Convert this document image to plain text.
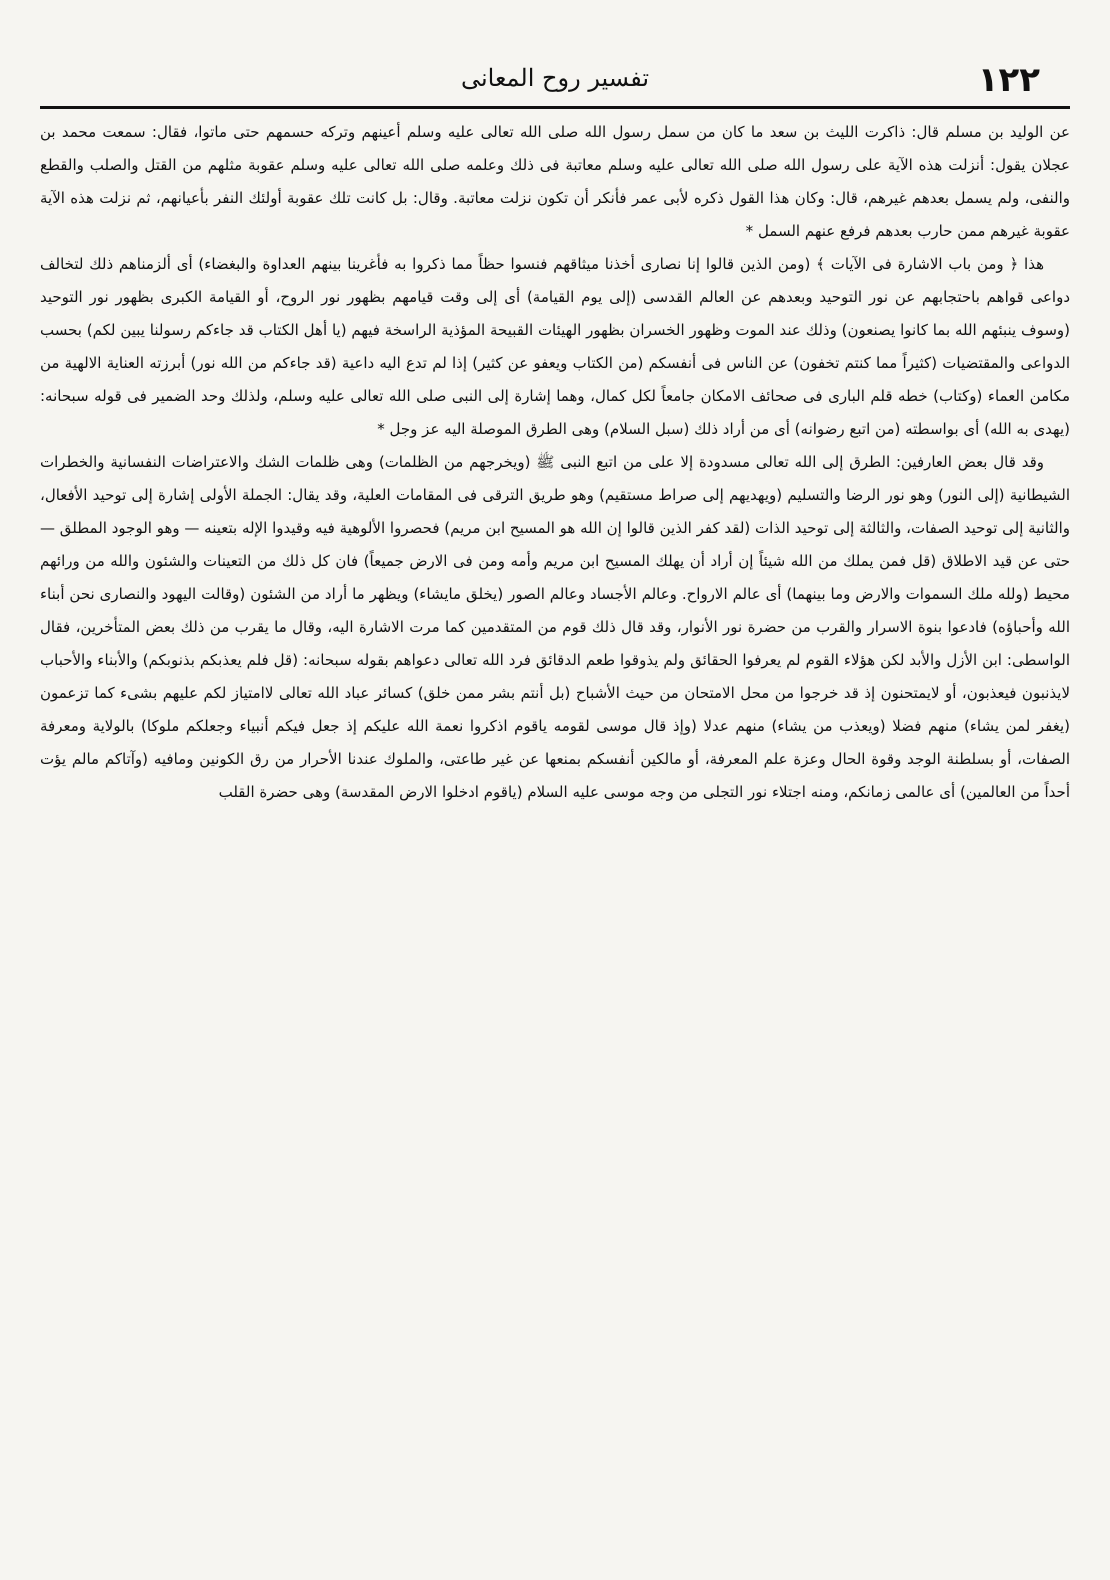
١٢٢
تفسير روح المعانى

عن الوليد بن مسلم قال: ذاكرت الليث بن سعد ما كان من سمل رسول الله صلى الله تعالى عليه وسلم أعينهم وتركه حسمهم حتى ماتوا، فقال: سمعت محمد بن عجلان يقول: أنزلت هذه الآية على رسول الله صلى الله تعالى عليه وسلم معاتبة فى ذلك وعلمه صلى الله تعالى عليه وسلم عقوبة مثلهم من القتل والصلب والقطع والنفى، ولم يسمل بعدهم غيرهم، قال: وكان هذا القول ذكره لأبى عمر فأنكر أن تكون نزلت معاتبة. وقال: بل كانت تلك عقوبة أولئك النفر بأعيانهم، ثم نزلت هذه الآية عقوبة غيرهم ممن حارب بعدهم فرفع عنهم السمل *

هذا ﴿ ومن باب الاشارة فى الآيات ﴾ (ومن الذين قالوا إنا نصارى أخذنا ميثاقهم فنسوا حظاً مما ذكروا به فأغرينا بينهم العداوة والبغضاء) أى ألزمناهم ذلك لتخالف دواعى قواهم باحتجابهم عن نور التوحيد وبعدهم عن العالم القدسى (إلى يوم القيامة) أى إلى وقت قيامهم بظهور نور الروح، أو القيامة الكبرى بظهور نور التوحيد (وسوف ينبئهم الله بما كانوا يصنعون) وذلك عند الموت وظهور الخسران بظهور الهيئات القبيحة المؤذية الراسخة فيهم (يا أهل الكتاب قد جاءكم رسولنا يبين لكم) بحسب الدواعى والمقتضيات (كثيراً مما كنتم تخفون) عن الناس فى أنفسكم (من الكتاب ويعفو عن كثير) إذا لم تدع اليه داعية (قد جاءكم من الله نور) أبرزته العناية الالهية من مكامن العماء (وكتاب) خطه قلم البارى فى صحائف الامكان جامعاً لكل كمال، وهما إشارة إلى النبى صلى الله تعالى عليه وسلم، ولذلك وحد الضمير فى قوله سبحانه: (يهدى به الله) أى بواسطته (من اتبع رضوانه) أى من أراد ذلك (سبل السلام) وهى الطرق الموصلة اليه عز وجل *

وقد قال بعض العارفين: الطرق إلى الله تعالى مسدودة إلا على من اتبع النبى ﷺ (ويخرجهم من الظلمات) وهى ظلمات الشك والاعتراضات النفسانية والخطرات الشيطانية (إلى النور) وهو نور الرضا والتسليم (ويهديهم إلى صراط مستقيم) وهو طريق الترقى فى المقامات العلية، وقد يقال: الجملة الأولى إشارة إلى توحيد الأفعال، والثانية إلى توحيد الصفات، والثالثة إلى توحيد الذات (لقد كفر الذين قالوا إن الله هو المسيح ابن مريم) فحصروا الألوهية فيه وقيدوا الإله بتعينه — وهو الوجود المطلق — حتى عن قيد الاطلاق (قل فمن يملك من الله شيئاً إن أراد أن يهلك المسيح ابن مريم وأمه ومن فى الارض جميعاً) فان كل ذلك من التعينات والشئون والله من ورائهم محيط (ولله ملك السموات والارض وما بينهما) أى عالم الارواح. وعالم الأجساد وعالم الصور (يخلق مايشاء) ويظهر ما أراد من الشئون (وقالت اليهود والنصارى نحن أبناء الله وأحباؤه) فادعوا بنوة الاسرار والقرب من حضرة نور الأنوار، وقد قال ذلك قوم من المتقدمين كما مرت الاشارة اليه، وقال ما يقرب من ذلك بعض المتأخرين، فقال الواسطى: ابن الأزل والأبد لكن هؤلاء القوم لم يعرفوا الحقائق ولم يذوقوا طعم الدقائق فرد الله تعالى دعواهم بقوله سبحانه: (قل فلم يعذبكم بذنوبكم) والأبناء والأحباب لايذنبون فيعذبون، أو لايمتحنون إذ قد خرجوا من محل الامتحان من حيث الأشباح (بل أنتم بشر ممن خلق) كسائر عباد الله تعالى لاامتياز لكم عليهم بشىء كما تزعمون (يغفر لمن يشاء) منهم فضلا (ويعذب من يشاء) منهم عدلا (وإذ قال موسى لقومه ياقوم اذكروا نعمة الله عليكم إذ جعل فيكم أنبياء وجعلكم ملوكا) بالولاية ومعرفة الصفات، أو بسلطنة الوجد وقوة الحال وعزة علم المعرفة، أو مالكين أنفسكم بمنعها عن غير طاعتى، والملوك عندنا الأحرار من رق الكونين ومافيه (وآتاكم مالم يؤت أحداً من العالمين) أى عالمى زمانكم، ومنه اجتلاء نور التجلى من وجه موسى عليه السلام (ياقوم ادخلوا الارض المقدسة) وهى حضرة القلب
